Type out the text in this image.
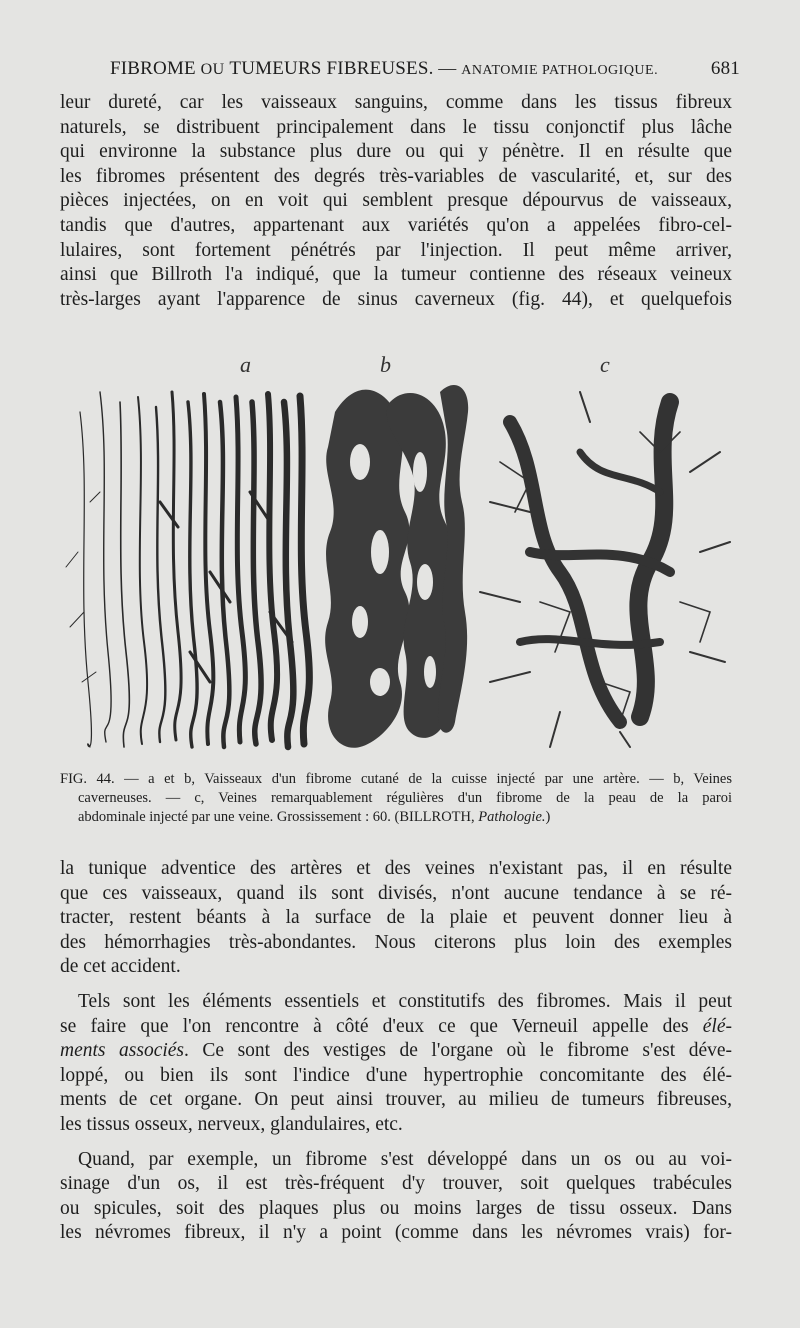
FIBROME OU TUMEURS FIBREUSES. — ANATOMIE PATHOLOGIQUE.	681
leur dureté, car les vaisseaux sanguins, comme dans les tissus fibreux
naturels, se distribuent principalement dans le tissu conjonctif plus lâche
qui environne la substance plus dure ou qui y pénètre. Il en résulte que
les fibromes présentent des degrés très-variables de vascularité, et, sur des
pièces injectées, on en voit qui semblent presque dépourvus de vaisseaux,
tandis que d'autres, appartenant aux variétés qu'on a appelées fibro-cel-
lulaires, sont fortement pénétrés par l'injection. Il peut même arriver,
ainsi que Billroth l'a indiqué, que la tumeur contienne des réseaux veineux
très-larges ayant l'apparence de sinus caverneux (fig. 44), et quelquefois
a	b	c
FIG. 44. — a et b, Vaisseaux d'un fibrome cutané de la cuisse injecté par une artère. — b, Veines
caverneuses. — c, Veines remarquablement régulières d'un fibrome de la peau de la paroi
abdominale injecté par une veine. Grossissement : 60. (BILLROTH, Pathologie.)
la tunique adventice des artères et des veines n'existant pas, il en résulte
que ces vaisseaux, quand ils sont divisés, n'ont aucune tendance à se ré-
tracter, restent béants à la surface de la plaie et peuvent donner lieu à
des hémorrhagies très-abondantes. Nous citerons plus loin des exemples
de cet accident.
Tels sont les éléments essentiels et constitutifs des fibromes. Mais il peut
se faire que l'on rencontre à côté d'eux ce que Verneuil appelle des élé-
ments associés. Ce sont des vestiges de l'organe où le fibrome s'est déve-
loppé, ou bien ils sont l'indice d'une hypertrophie concomitante des élé-
ments de cet organe. On peut ainsi trouver, au milieu de tumeurs fibreuses,
les tissus osseux, nerveux, glandulaires, etc.
Quand, par exemple, un fibrome s'est développé dans un os ou au voi-
sinage d'un os, il est très-fréquent d'y trouver, soit quelques trabécules
ou spicules, soit des plaques plus ou moins larges de tissu osseux. Dans
les névromes fibreux, il n'y a point (comme dans les névromes vrais) for-
